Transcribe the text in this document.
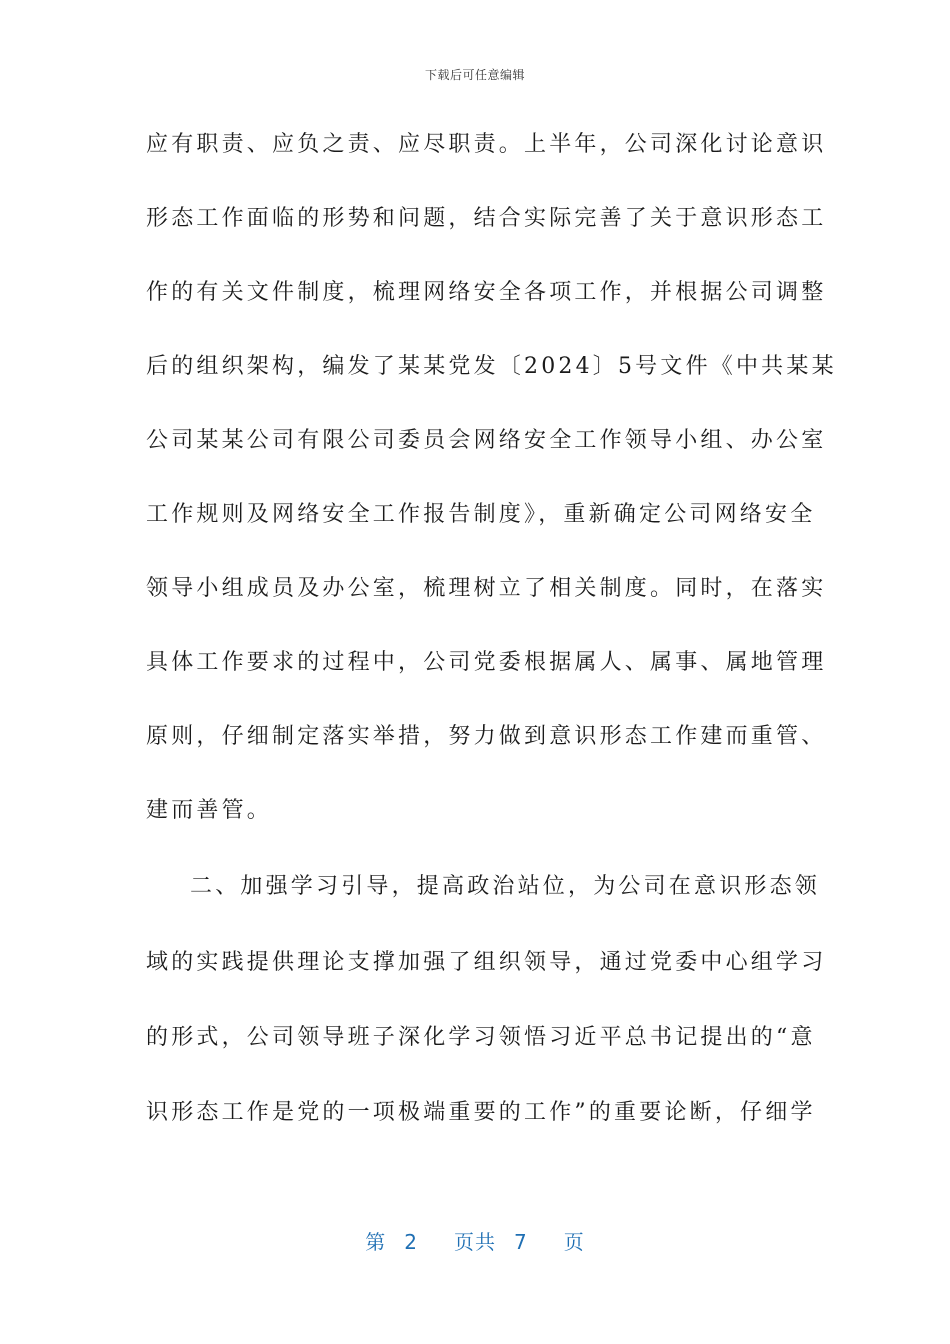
下载后可任意编辑
应有职责、应负之责、应尽职责。上半年，公司深化讨论意识
形态工作面临的形势和问题，结合实际完善了关于意识形态工
作的有关文件制度，梳理网络安全各项工作，并根据公司调整
后的组织架构，编发了某某党发〔2024〕5号文件《中共某某
公司某某公司有限公司委员会网络安全工作领导小组、办公室
工作规则及网络安全工作报告制度》，重新确定公司网络安全
领导小组成员及办公室，梳理树立了相关制度。同时，在落实
具体工作要求的过程中，公司党委根据属人、属事、属地管理
原则，仔细制定落实举措，努力做到意识形态工作建而重管、
建而善管。
二、加强学习引导，提高政治站位，为公司在意识形态领
域的实践提供理论支撑加强了组织领导，通过党委中心组学习
的形式，公司领导班子深化学习领悟习近平总书记提出的“意
识形态工作是党的一项极端重要的工作”的重要论断，仔细学
第 2 页共 7 页
